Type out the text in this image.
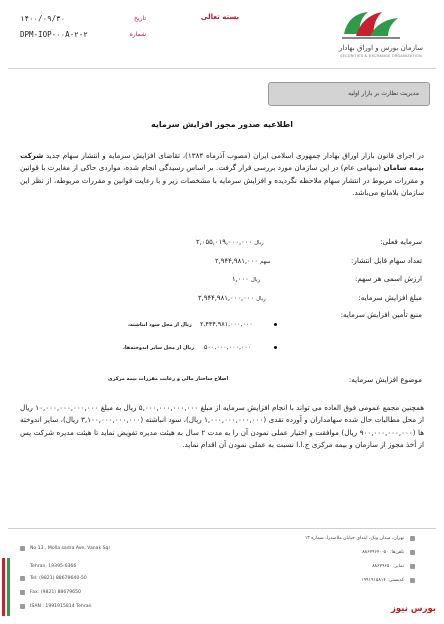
سازمان بورس و اوراق بهادار
SECURITIES & EXCHANGE ORGANIZATION
بسته تعالی
تاریخ
۱۴۰۰/۰۹/۳۰
شماره
DPM-IOP-۰۰A-۲-۲
مدیریت نظارت بر بازار اولیه
اطلاعیه صدور مجوز افزایش سرمایه
در اجرای قانون بازار اوراق بهادار جمهوری اسلامی ایران (مصوب آذرماه ۱۳۸۴)، تقاضای افزایش سرمایه و انتشار سهام جدید شرکت بیمه سامان (سهامی عام) در این سازمان مورد بررسی قرار گرفت. بر اساس رسیدگی انجام شده، مواردی حاکی از مغایرت با قوانین و مقررات مربوط در انتشار سهام ملاحظه نگردیده و افزایش سرمایه با مشخصات زیر و با رعایت قوانین و مقررات مربوطه، از نظر این سازمان بلامانع می‌باشد.
سرمایه فعلی:
۲,۰۵۵,۰۱۹,۰۰۰,۰۰۰ ریال
تعداد سهام قابل انتشار:
۲,۹۴۴,۹۸۱,۰۰۰ سهم
ارزش اسمی هر سهم:
۱,۰۰۰ ریال
مبلغ افزایش سرمایه:
۲,۹۴۴,۹۸۱,۰۰۰,۰۰۰ ریال
منبع تأمین افزایش سرمایه:
۲,۴۴۴,۹۸۱,۰۰۰,۰۰۰
ریال از محل سود انباشته،
۵۰۰,۰۰۰,۰۰۰,۰۰۰
ریال از محل سایر اندوخته‌ها،
موضوع افزایش سرمایه:
اصلاح ساختار مالی و رعایت مقررات بیمه مرکزی
همچنین مجمع عمومی فوق العاده می تواند با انجام افزایش سرمایه از مبلغ ۵,۰۰۰,۰۰۰,۰۰۰,۰۰۰ ریال به مبلغ ۱۰,۰۰۰,۰۰۰,۰۰۰,۰۰۰ ریال از محل مطالبات حال شده سهامداران و آورده نقدی (۱,۰۰۰,۰۰۰,۰۰۰,۰۰۰ ریال)، سود انباشته (۳,۱۰۰,۰۰۰,۰۰۰,۰۰۰ ریال)، سایر اندوخته ها (۹۰۰,۰۰۰,۰۰۰,۰۰۰ ریال) موافقت و اختیار عملی نمودن آن را به مدت ۲ سال به هیئت مدیره تفویض نماید تا هیئت مدیره شرکت پس از أخذ مجوز از سازمان و بیمه مرکزی ج.ا.ا نسبت به عملی نمودن آن اقدام نماید.
No 13 , Molla sadra Ave, Vanak Sqr
Tehran, 19395-6366
Tel: (9821) 88679640-50
Fax: (9821) 88679650
ISAN : 1991915814 Tehran
تهران، میدان ونک، ابتدای خیابان ملاصدرا، شماره ۱۳
تلفن‌ها: ۵۰-۸۸۶۷۹۶۴۰
نمابر: ۸۸۶۷۹۶۵۰
کدپستی: ۱۹۹۱۹۱۵۸۱۴
بورس نیوز
